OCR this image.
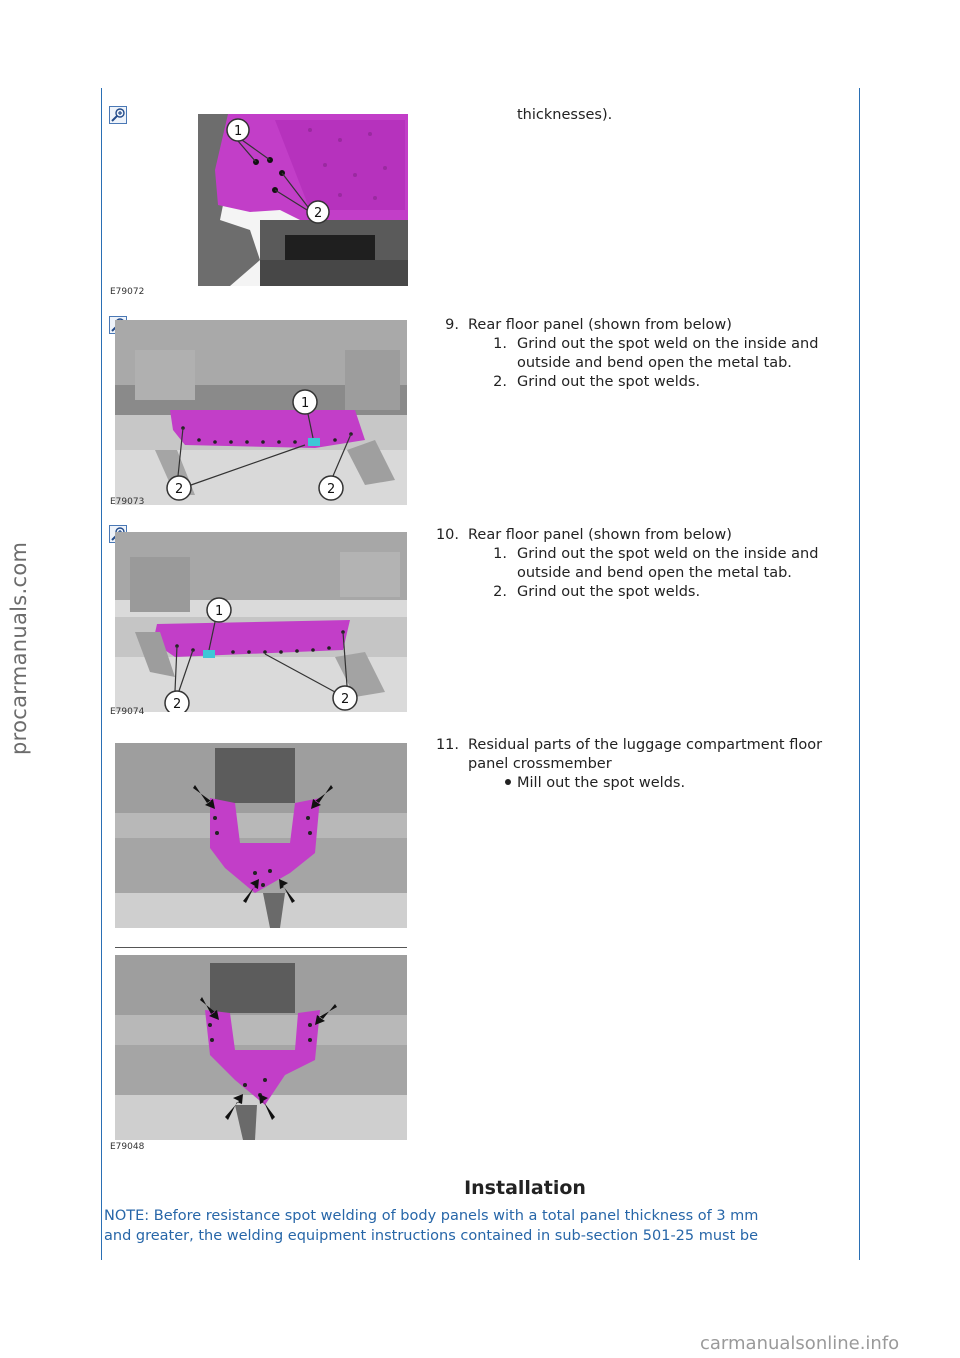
procarmanuals.com
1
2
E79072
1
2	2
E79073
1
2	2
E79074
E79048
thicknesses).
9. Rear floor panel (shown from below)
1. Grind out the spot weld on the inside and
outside and bend open the metal tab.
2. Grind out the spot welds.
10. Rear floor panel (shown from below)
1. Grind out the spot weld on the inside and
outside and bend open the metal tab.
2. Grind out the spot welds.
11. Residual parts of the luggage compartment floor
panel crossmember
Mill out the spot welds.
Installation
NOTE: Before resistance spot welding of body panels with a total panel thickness of 3 mm
and greater, the welding equipment instructions contained in sub-section 501-25 must be
carmanualsonline.info
